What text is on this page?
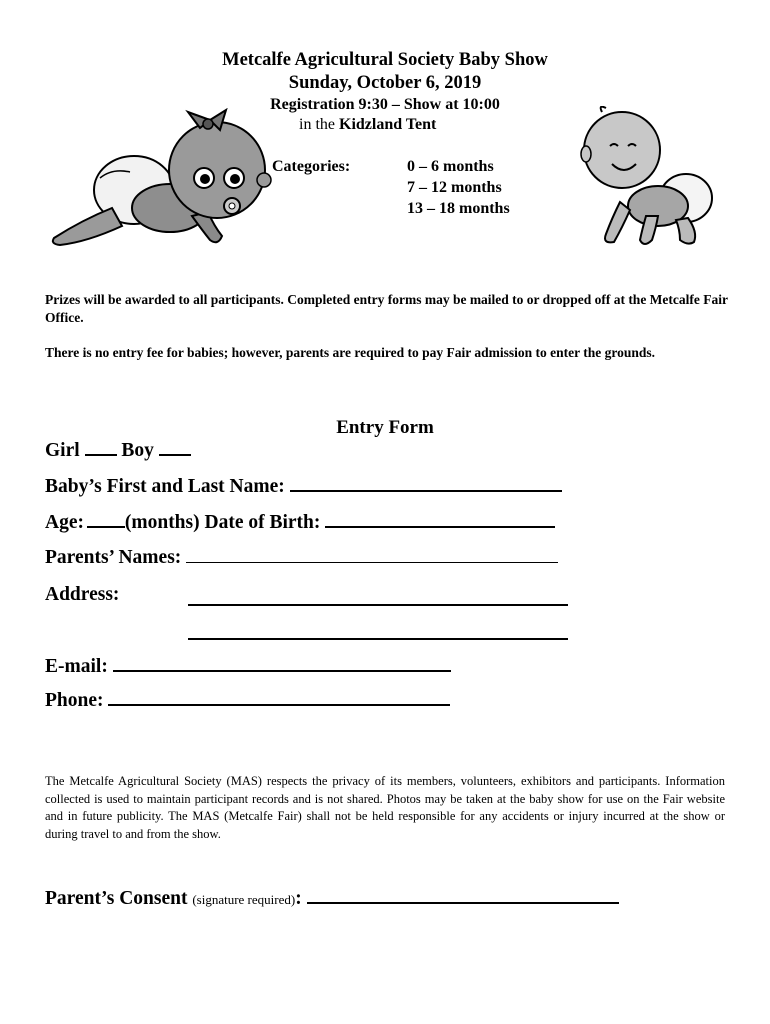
Metcalfe Agricultural Society Baby Show
Sunday, October 6, 2019
Registration 9:30 – Show at 10:00
in the Kidzland Tent
Categories:	0 – 6 months
7 – 12 months
13 – 18 months
Prizes will be awarded to all participants. Completed entry forms may be mailed to or dropped off at the Metcalfe Fair Office.
There is no entry fee for babies; however, parents are required to pay Fair admission to enter the grounds.
Entry Form
Girl Boy
Baby’s First and Last Name:
Age: (months) Date of Birth:
Parents’ Names:
Address:
E-mail:
Phone:
The Metcalfe Agricultural Society (MAS) respects the privacy of its members, volunteers, exhibitors and participants. Information collected is used to maintain participant records and is not shared. Photos may be taken at the baby show for use on the Fair website and in future publicity. The MAS (Metcalfe Fair) shall not be held responsible for any accidents or injury incurred at the show or during travel to and from the show.
Parent’s Consent (signature required):
